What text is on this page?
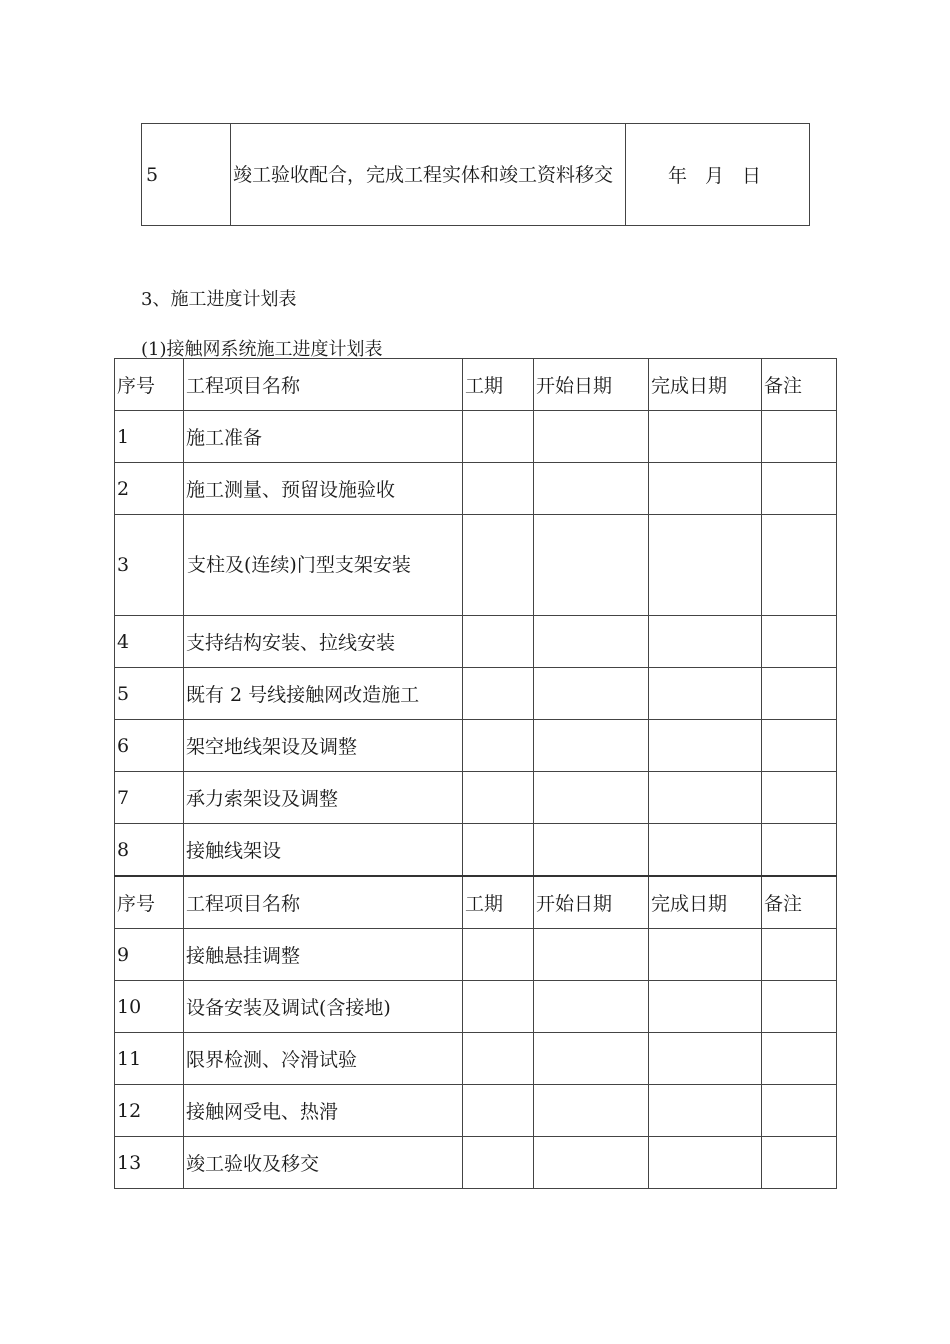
5	竣工验收配合，完成工程实体和竣工资料移交	年 月 日
3、施工进度计划表
(1)接触网系统施工进度计划表
序号	工程项目名称	工期	开始日期	完成日期	备注
1	施工准备				
2	施工测量、预留设施验收				
3	支柱及(连续)门型支架安装				
4	支持结构安装、拉线安装				
5	既有 2 号线接触网改造施工				
6	架空地线架设及调整				
7	承力索架设及调整				
8	接触线架设				
序号	工程项目名称	工期	开始日期	完成日期	备注
9	接触悬挂调整				
10	设备安装及调试(含接地)				
11	限界检测、冷滑试验				
12	接触网受电、热滑				
13	竣工验收及移交				
